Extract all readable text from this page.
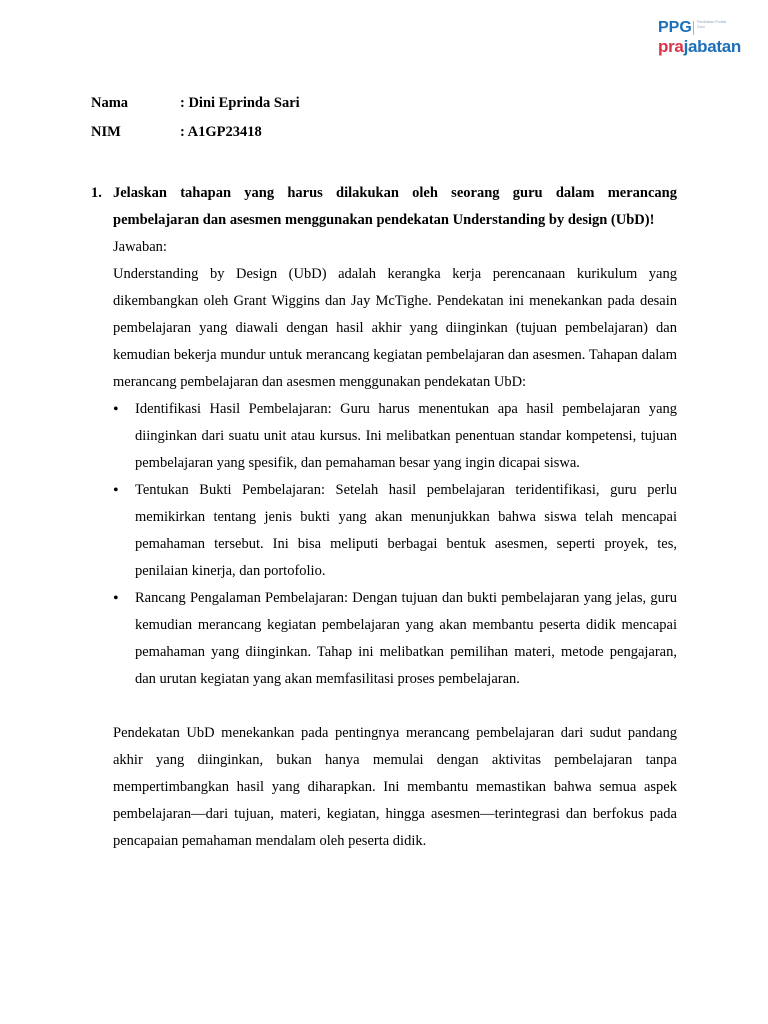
PPG Pendidikan Profesi Guru
prajabatan
Nama	: Dini Eprinda Sari
NIM	: A1GP23418
1. Jelaskan tahapan yang harus dilakukan oleh seorang guru dalam merancang pembelajaran dan asesmen menggunakan pendekatan Understanding by design (UbD)!

Jawaban:

Understanding by Design (UbD) adalah kerangka kerja perencanaan kurikulum yang dikembangkan oleh Grant Wiggins dan Jay McTighe. Pendekatan ini menekankan pada desain pembelajaran yang diawali dengan hasil akhir yang diinginkan (tujuan pembelajaran) dan kemudian bekerja mundur untuk merancang kegiatan pembelajaran dan asesmen. Tahapan dalam merancang pembelajaran dan asesmen menggunakan pendekatan UbD:

• Identifikasi Hasil Pembelajaran: Guru harus menentukan apa hasil pembelajaran yang diinginkan dari suatu unit atau kursus. Ini melibatkan penentuan standar kompetensi, tujuan pembelajaran yang spesifik, dan pemahaman besar yang ingin dicapai siswa.
• Tentukan Bukti Pembelajaran: Setelah hasil pembelajaran teridentifikasi, guru perlu memikirkan tentang jenis bukti yang akan menunjukkan bahwa siswa telah mencapai pemahaman tersebut. Ini bisa meliputi berbagai bentuk asesmen, seperti proyek, tes, penilaian kinerja, dan portofolio.
• Rancang Pengalaman Pembelajaran: Dengan tujuan dan bukti pembelajaran yang jelas, guru kemudian merancang kegiatan pembelajaran yang akan membantu peserta didik mencapai pemahaman yang diinginkan. Tahap ini melibatkan pemilihan materi, metode pengajaran, dan urutan kegiatan yang akan memfasilitasi proses pembelajaran.

Pendekatan UbD menekankan pada pentingnya merancang pembelajaran dari sudut pandang akhir yang diinginkan, bukan hanya memulai dengan aktivitas pembelajaran tanpa mempertimbangkan hasil yang diharapkan. Ini membantu memastikan bahwa semua aspek pembelajaran—dari tujuan, materi, kegiatan, hingga asesmen—terintegrasi dan berfokus pada pencapaian pemahaman mendalam oleh peserta didik.
